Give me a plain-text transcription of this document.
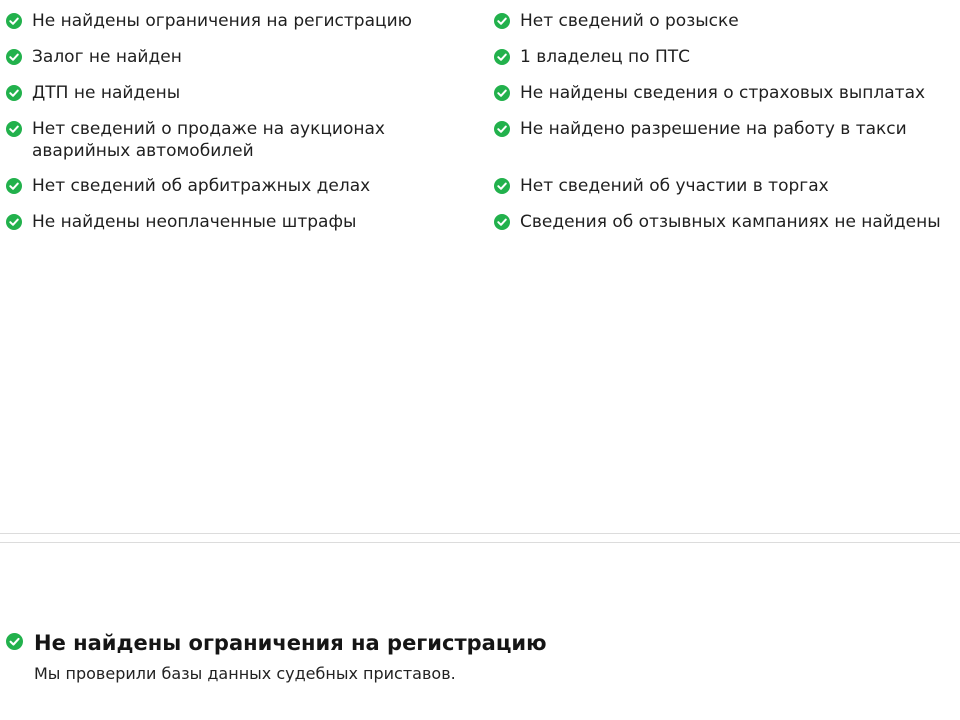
Не найдены ограничения на регистрацию
Залог не найден
ДТП не найдены
Нет сведений о продаже на аукционах аварийных автомобилей
Нет сведений об арбитражных делах
Не найдены неоплаченные штрафы
Нет сведений о розыске
1 владелец по ПТС
Не найдены сведения о страховых выплатах
Не найдено разрешение на работу в такси
Нет сведений об участии в торгах
Сведения об отзывных кампаниях не найдены
Не найдены ограничения на регистрацию
Мы проверили базы данных судебных приставов.
